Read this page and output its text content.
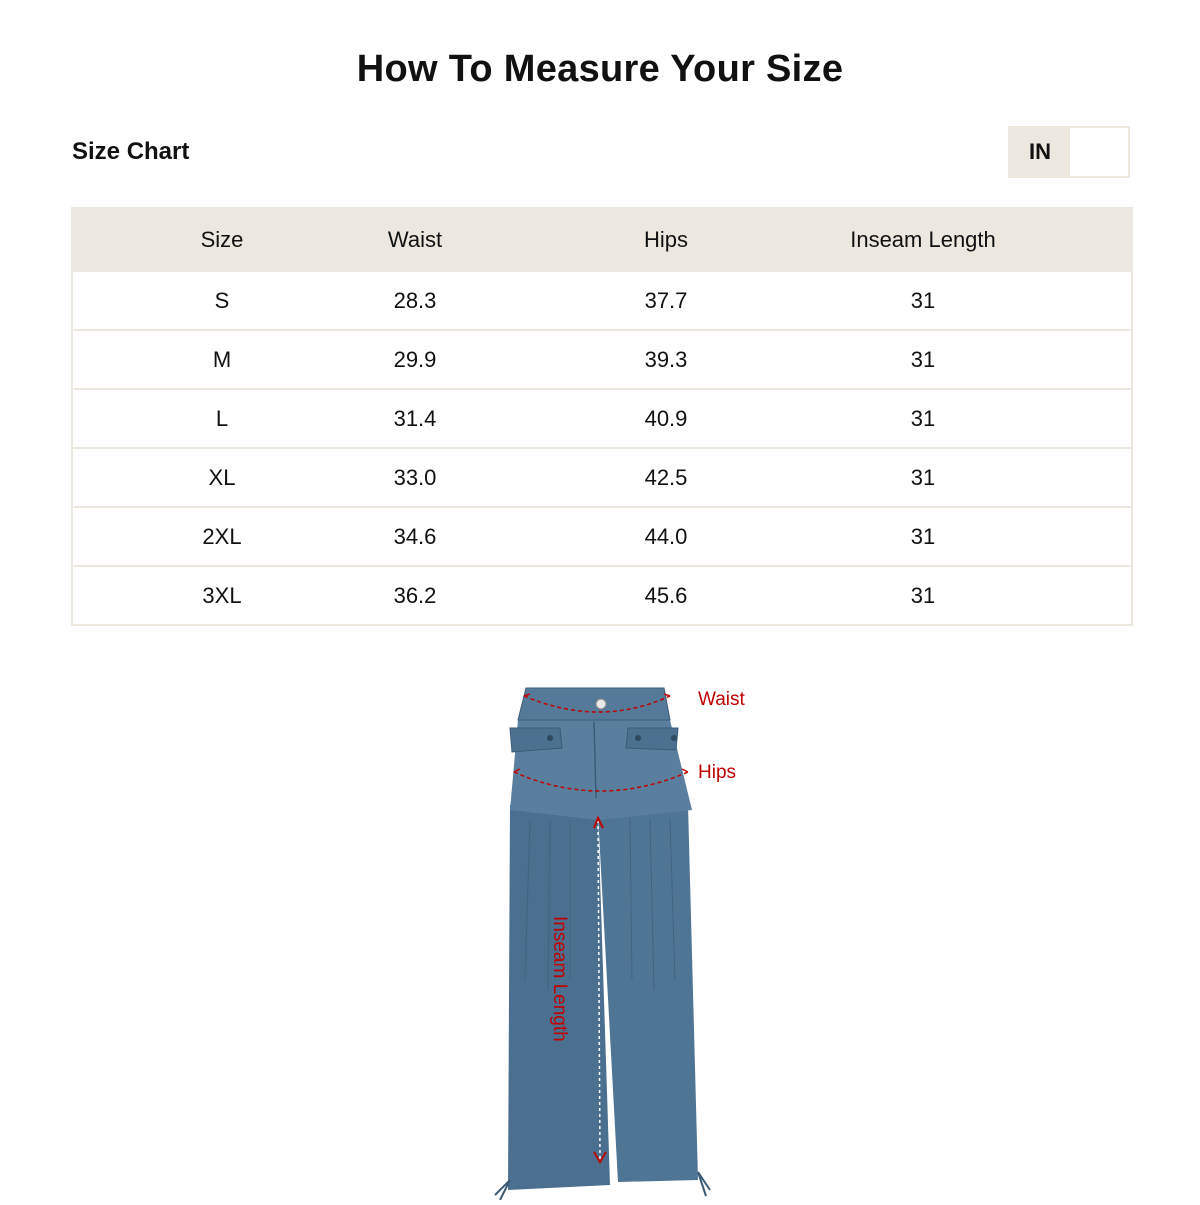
How To Measure Your Size
Size Chart	IN
Size	Waist	Hips	Inseam Length
S	28.3	37.7	31
M	29.9	39.3	31
L	31.4	40.9	31
XL	33.0	42.5	31
2XL	34.6	44.0	31
3XL	36.2	45.6	31
Waist
Hips
Inseam Length
